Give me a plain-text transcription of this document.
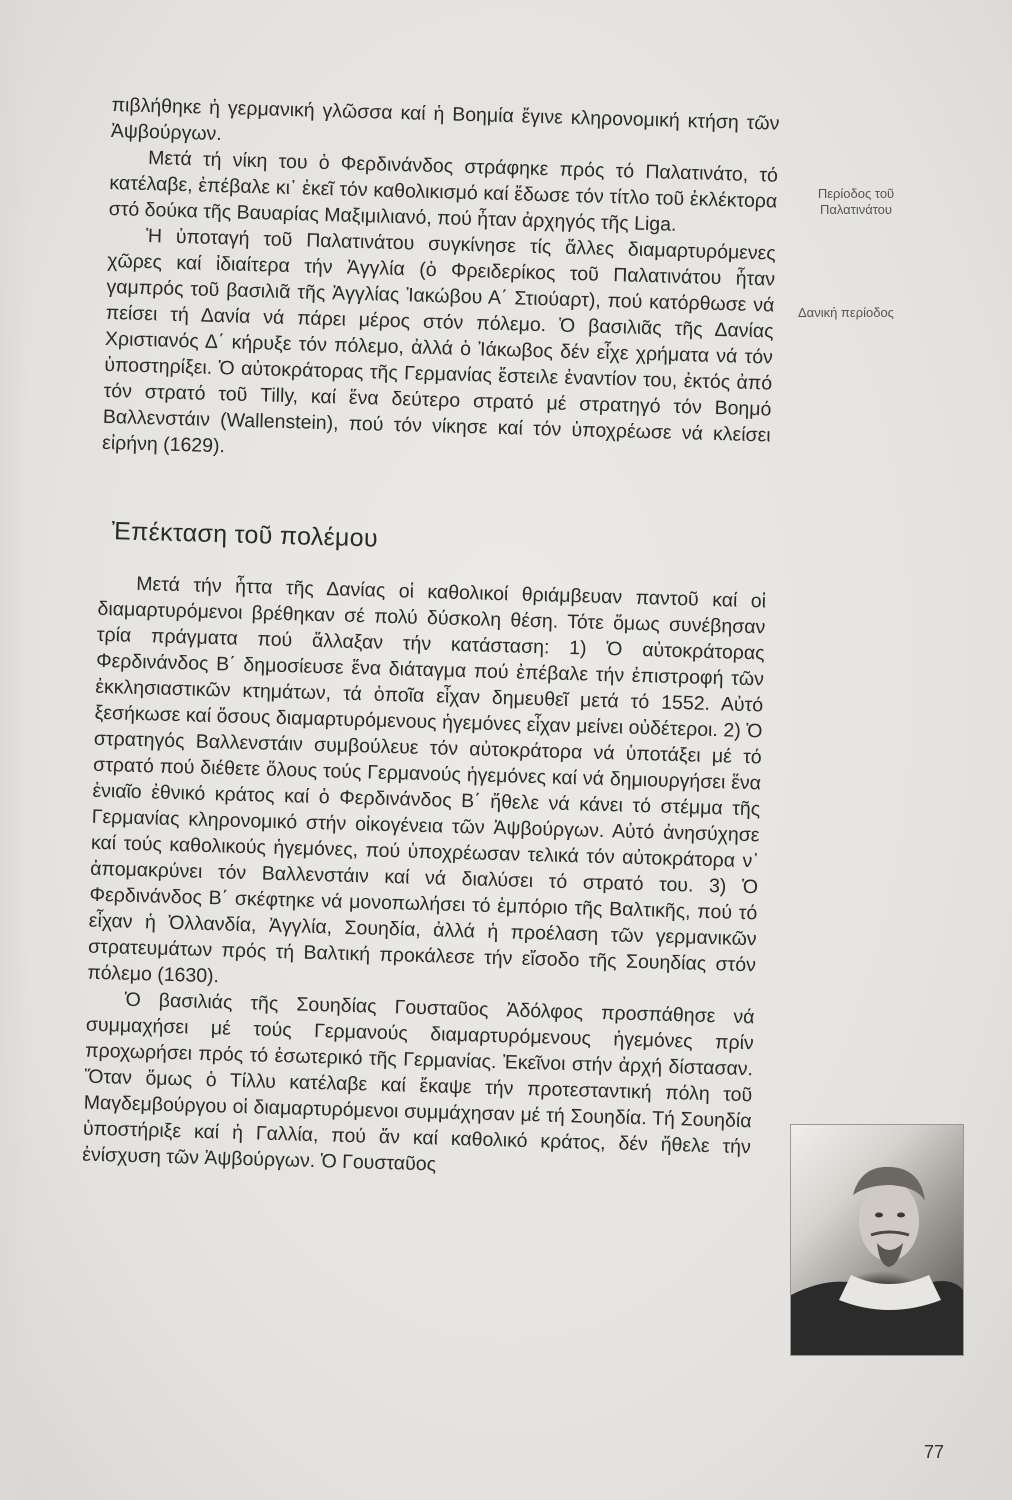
πιβλήθηκε ἡ γερμανική γλῶσσα καί ἡ Βοημία ἔγινε κληρονομική κτήση τῶν Ἀψβούργων.

Μετά τή νίκη του ὁ Φερδινάνδος στράφηκε πρός τό Παλατινάτο, τό κατέλαβε, ἐπέβαλε κι᾽ ἐκεῖ τόν καθολικισμό καί ἔδωσε τόν τίτλο τοῦ ἐκλέκτορα στό δούκα τῆς Βαυαρίας Μαξιμιλιανό, πού ἦταν ἀρχηγός τῆς Liga.

Ἡ ὑποταγή τοῦ Παλατινάτου συγκίνησε τίς ἄλλες διαμαρτυρόμενες χῶρες καί ἰδιαίτερα τήν Ἀγγλία (ὁ Φρειδερίκος τοῦ Παλατινάτου ἦταν γαμπρός τοῦ βασιλιᾶ τῆς Ἀγγλίας Ἰακώβου Α΄ Στιούαρτ), πού κατόρθωσε νά πείσει τή Δανία νά πάρει μέρος στόν πόλεμο. Ὁ βασιλιᾶς τῆς Δανίας Χριστιανός Δ΄ κήρυξε τόν πόλεμο, ἀλλά ὁ Ἰάκωβος δέν εἶχε χρήματα νά τόν ὑποστηρίξει. Ὁ αὐτοκράτορας τῆς Γερμανίας ἔστειλε ἐναντίον του, ἐκτός ἀπό τόν στρατό τοῦ Tilly, καί ἕνα δεύτερο στρατό μέ στρατηγό τόν Βοημό Βαλλενστάιν (Wallenstein), πού τόν νίκησε καί τόν ὑποχρέωσε νά κλείσει εἰρήνη (1629).

Ἐπέκταση τοῦ πολέμου

Μετά τήν ἧττα τῆς Δανίας οἱ καθολικοί θριάμβευαν παντοῦ καί οἱ διαμαρτυρόμενοι βρέθηκαν σέ πολύ δύσκολη θέση. Τότε ὅμως συνέβησαν τρία πράγματα πού ἄλλαξαν τήν κατάσταση: 1) Ὁ αὐτοκράτορας Φερδινάνδος Β΄ δημοσίευσε ἕνα διάταγμα πού ἐπέβαλε τήν ἐπιστροφή τῶν ἐκκλησιαστικῶν κτημάτων, τά ὁποῖα εἶχαν δημευθεῖ μετά τό 1552. Αὐτό ξεσήκωσε καί ὅσους διαμαρτυρόμενους ἡγεμόνες εἶχαν μείνει οὐδέτεροι. 2) Ὁ στρατηγός Βαλλενστάιν συμβούλευε τόν αὐτοκράτορα νά ὑποτάξει μέ τό στρατό πού διέθετε ὅλους τούς Γερμανούς ἡγεμόνες καί νά δημιουργήσει ἕνα ἑνιαῖο ἐθνικό κράτος καί ὁ Φερδινάνδος Β΄ ἤθελε νά κάνει τό στέμμα τῆς Γερμανίας κληρονομικό στήν οἰκογένεια τῶν Ἀψβούργων. Αὐτό ἀνησύχησε καί τούς καθολικούς ἡγεμόνες, πού ὑποχρέωσαν τελικά τόν αὐτοκράτορα ν᾽ ἀπομακρύνει τόν Βαλλενστάιν καί νά διαλύσει τό στρατό του. 3) Ὁ Φερδινάνδος Β΄ σκέφτηκε νά μονοπωλήσει τό ἐμπόριο τῆς Βαλτικῆς, πού τό εἶχαν ἡ Ὀλλανδία, Ἀγγλία, Σουηδία, ἀλλά ἡ προέλαση τῶν γερμανικῶν στρατευμάτων πρός τή Βαλτική προκάλεσε τήν εἴσοδο τῆς Σουηδίας στόν πόλεμο (1630).

Ὁ βασιλιάς τῆς Σουηδίας Γουσταῦος Ἀδόλφος προσπάθησε νά συμμαχήσει μέ τούς Γερμανούς διαμαρτυρόμενους ἡγεμόνες πρίν προχωρήσει πρός τό ἐσωτερικό τῆς Γερμανίας. Ἐκεῖνοι στήν ἀρχή δίστασαν. Ὅταν ὅμως ὁ Τίλλυ κατέλαβε καί ἔκαψε τήν προτεσταντική πόλη τοῦ Μαγδεμβούργου οἱ διαμαρτυρόμενοι συμμάχησαν μέ τή Σουηδία. Τή Σουηδία ὑποστήριξε καί ἡ Γαλλία, πού ἄν καί καθολικό κράτος, δέν ἤθελε τήν ἐνίσχυση τῶν Ἀψβούργων. Ὁ Γουσταῦος

Περίοδος τοῦ Παλατινάτου
Δανική περίοδος
77
